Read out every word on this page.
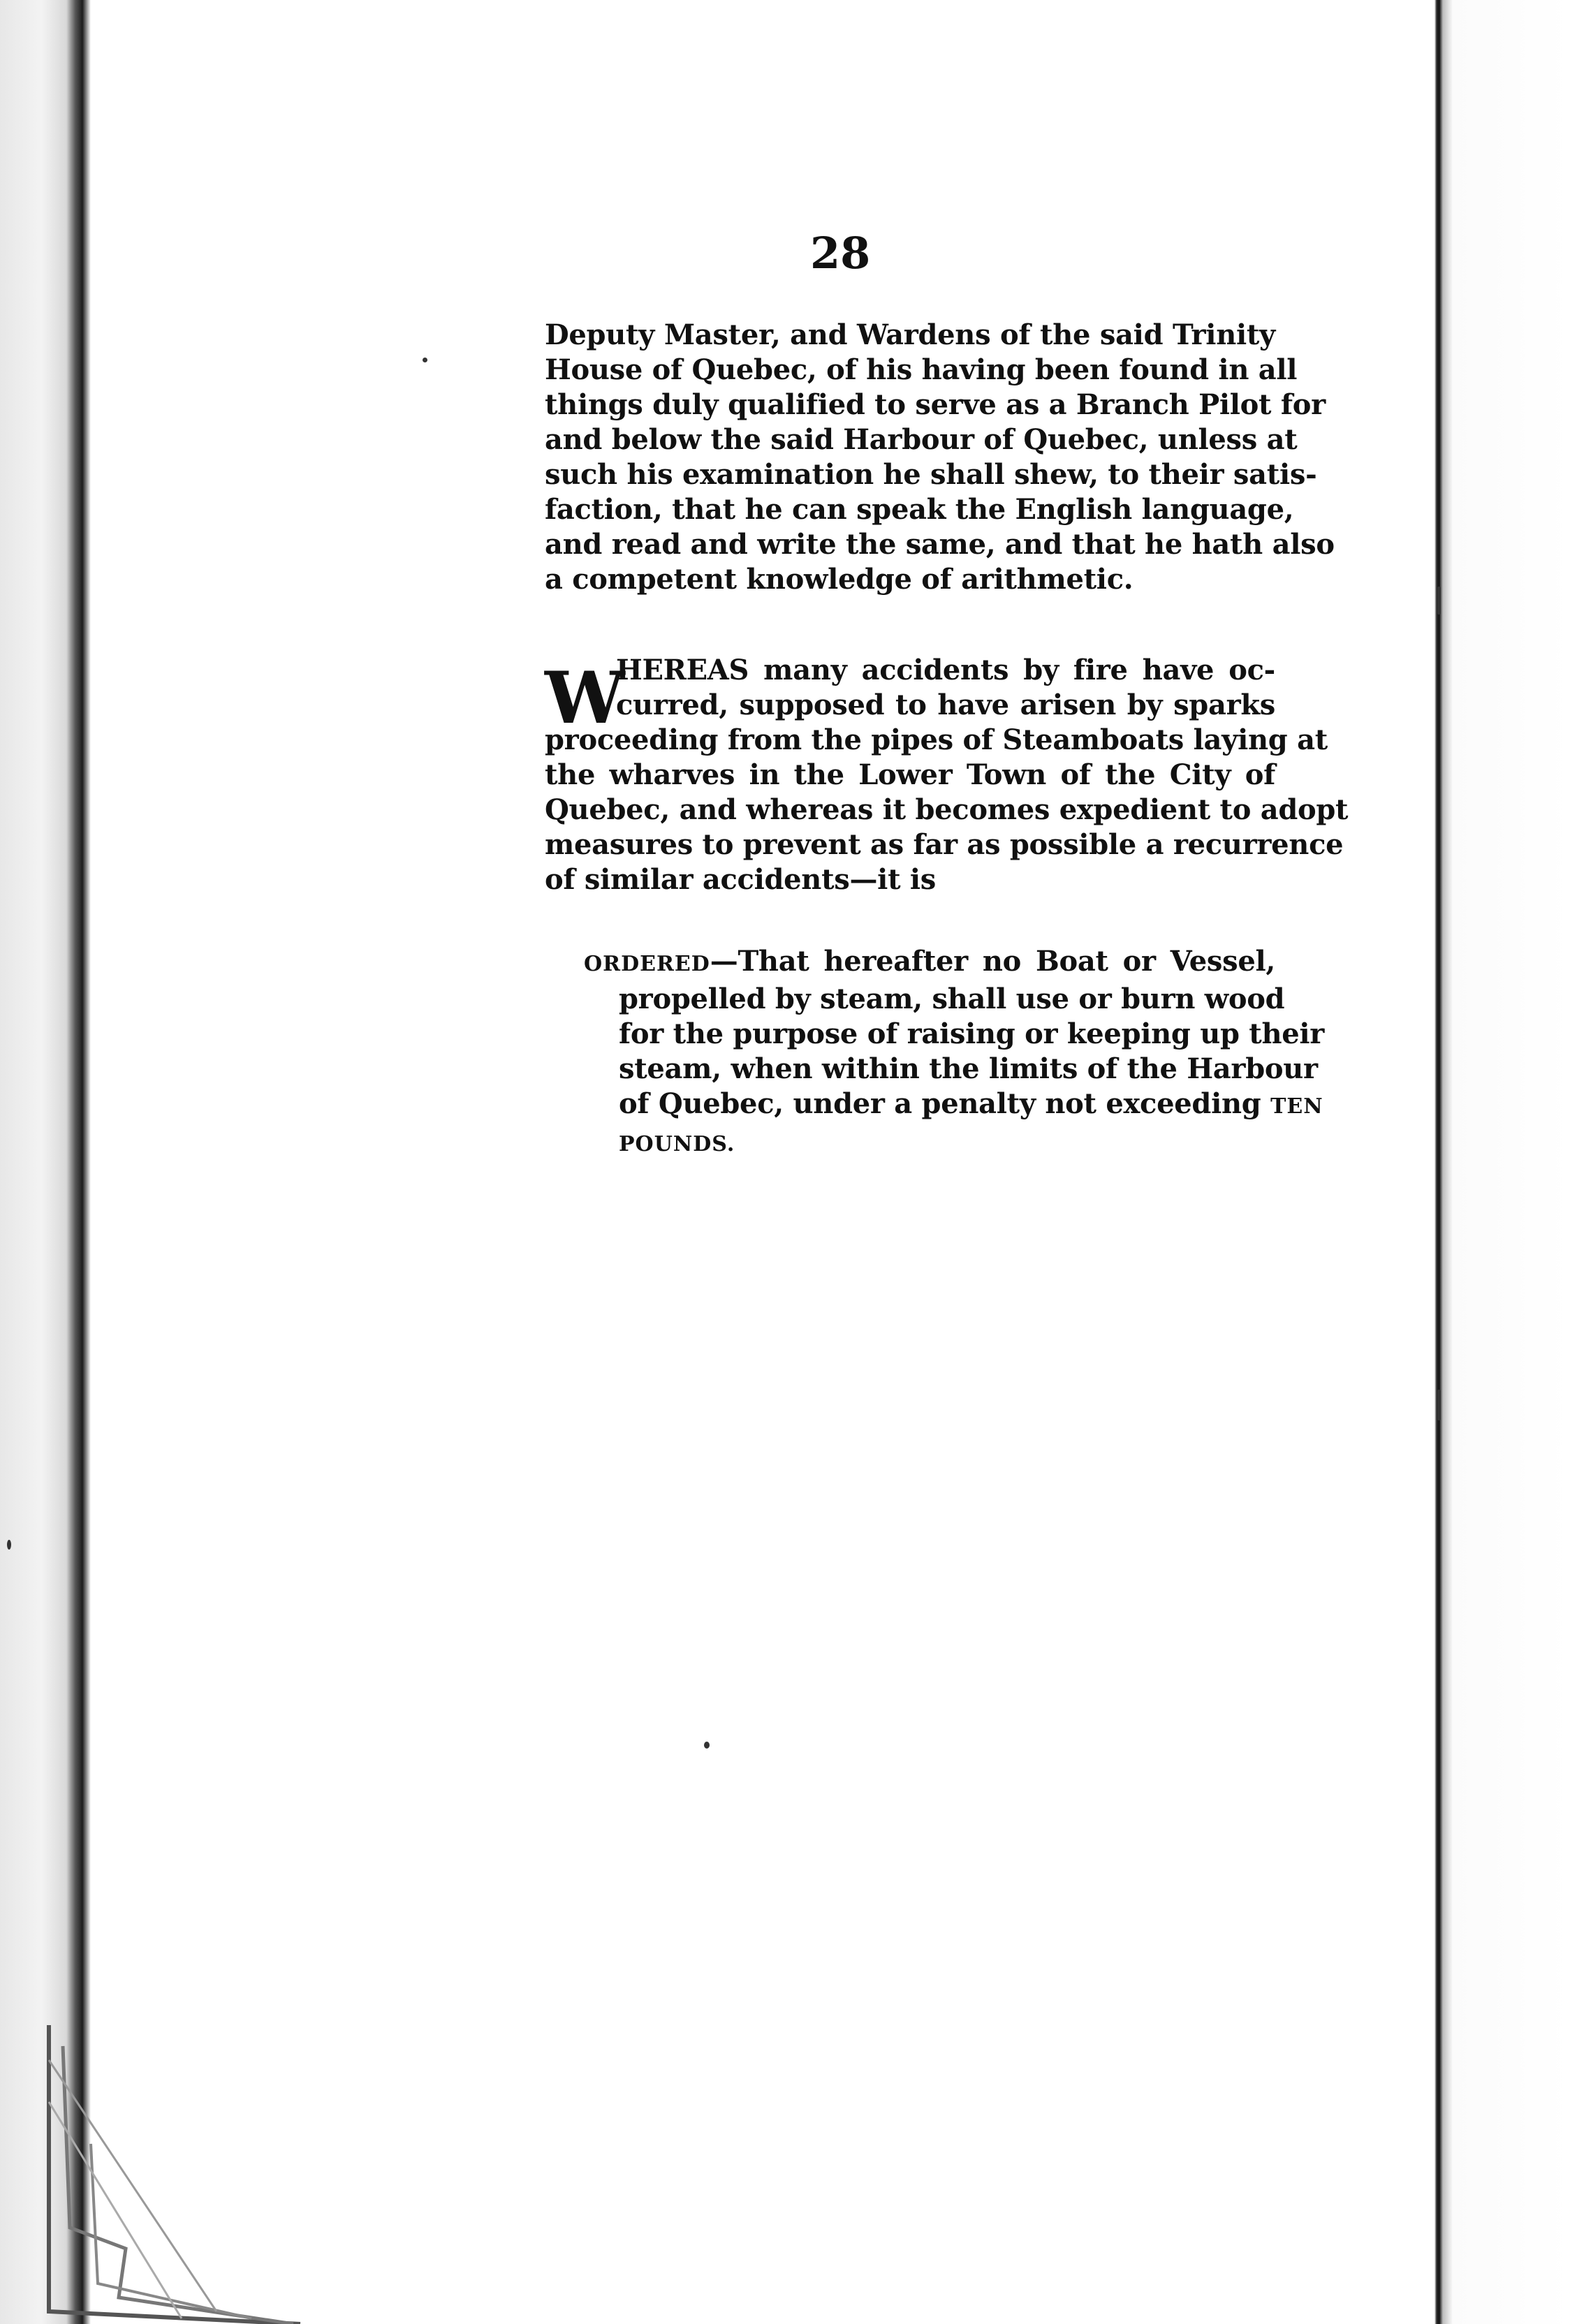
28
Deputy Master, and Wardens of the said Trinity
House of Quebec, of his having been found in all
things duly qualified to serve as a Branch Pilot for
and below the said Harbour of Quebec, unless at
such his examination he shall shew, to their satis-
faction, that he can speak the English language,
and read and write the same, and that he hath also
a competent knowledge of arithmetic.
W
HEREAS many accidents by fire have oc-
curred, supposed to have arisen by sparks
proceeding from the pipes of Steamboats laying at
the wharves in the Lower Town of the City of
Quebec, and whereas it becomes expedient to adopt
measures to prevent as far as possible a recurrence
of similar accidents—it is
ORDERED—That hereafter no Boat or Vessel,
propelled by steam, shall use or burn wood
for the purpose of raising or keeping up their
steam, when within the limits of the Harbour
of Quebec, under a penalty not exceeding TEN
POUNDS.
